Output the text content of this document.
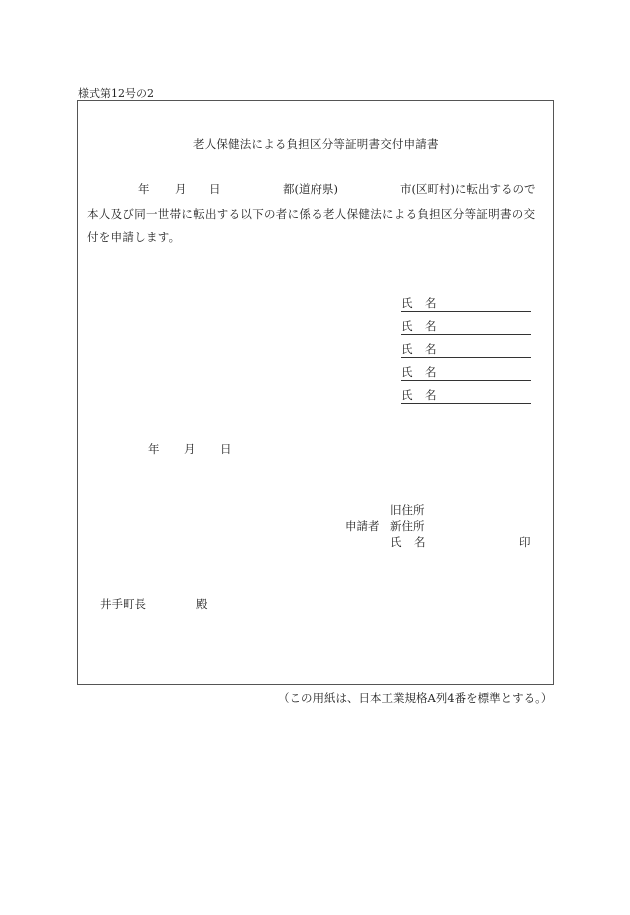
様式第12号の2
老人保健法による負担区分等証明書交付申請書
年 月 日	都(道府県)	市(区町村)に転出するので
本人及び同一世帯に転出する以下の者に係る老人保健法による負担区分等証明書の交
付を申請します。
氏 名
氏 名
氏 名
氏 名
氏 名
年 月 日
旧住所
申請者 新住所
氏 名	印
井手町長	殿
（この用紙は、日本工業規格A列4番を標準とする。）
